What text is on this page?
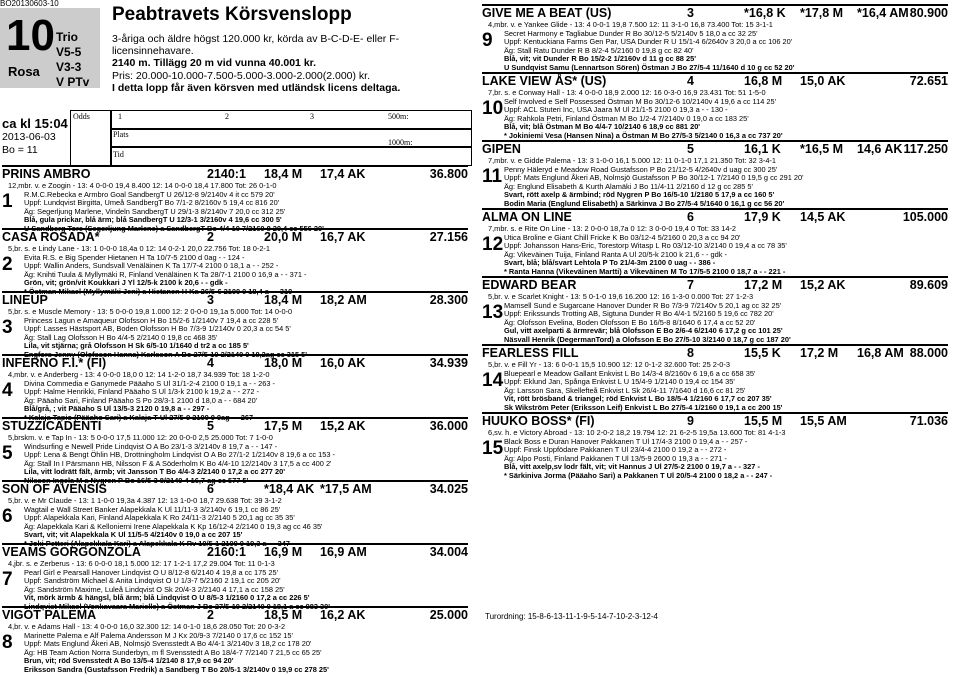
BO20130603-10
10
Rosa
Trio
V5-5 V3-3
V PTv
Peabtravets Körsvenslopp
3-åriga och äldre högst 120.000 kr, körda av B-C-D-E- eller F- licensinnehavare.
2140 m. Tillägg 20 m vid vunna 40.001 kr.
Pris: 20.000-10.000-7.500-5.000-3.000-2.000(2.000) kr.
I detta lopp får även körsven med utländsk licens deltaga.
ca kl 15:04
2013-06-03
Bo = 11
Odds
Plats
Tid
1	2	3	500m:
1000m:
PRINS AMBRO	2140:1 18,4 M 17,4 AK	36.800
1
12,mbr. v. e Zoogin - 13: 4 0-0-0 19,4 8.400 12: 14 0-0-0 18,4 17.800 Tot: 26 0-1-0
R.M.C.Rebecka e Armbro Goal SandbergT U 26/12-8 9/2140v 4 it cc 579 20'
Uppf: Lundqvist Birgitta, Umeå SandbergT Bo 7/1-2 8/2160v 5 19,4 cc 816 20'
Äg: Segerljung Marlene, Vindeln SandbergT U 29/1-3 8/2140v 7 20,0 cc 312 25'
Blå, gula prickar, blå ärm; blå SandbergT U 12/3-1 3/2160v 4 19,6 cc 300 5'
U Sandberg Tore (Segerljung Marlene) a SandbergT Bo 4/4-10 7/2160 8 20,4 cc 556 20'
CASA ROSADA*	2	20,0 M 16,7 AK	27.156
2
5,br. s. e Lindy Lane - 13: 1 0-0-0 18,4a 0 12: 14 0-2-1 20,0 22.756 Tot: 18 0-2-1
Evita R.S. e Big Spender Hietanen H Ta 10/7-5 2100 d 0ag - - 124 -
Uppf: Wallin Anders, Sundsvall Venäläinen K Ta 17/7-4 2100 0 18,1 a - - 252 -
Äg: Knihti Tuula & Myllymäki R, Finland Venäläinen K Ta 28/7-1 2100 0 16,9 a - - 371 -
Grön, vit; grön/vit Koukkari J Yl 12/5-k 2100 k 20,6 - - gdk -
* Östman Mikael (Myllymäki Jeni) a Hietanen H Ka 26/5-6 2100 0 18,4 a - - 310 -
LINEUP	3	18,4 M 18,2 AM	28.300
3
5,br. s. e Muscle Memory - 13: 5 0-0-0 19,8 1.000 12: 2 0-0-0 19,1a 5.000 Tot: 14 0-0-0
Princess Lagun e Amaqueur Olofsson H Bo 15/2-6 1/2140v 7 19,4 a cc 228 5'
Uppf: Lasses Hästsport AB, Boden Olofsson H Bo 7/3-9 1/2140v 0 20,3 a cc 54 5'
Äg: Stall Lag Olofsson H Bo 4/4-5 2/2140 0 19,8 cc 468 35'
Lila, vit stjärna; grå Olofsson H Sk 6/5-10 1/1640 d tr2 a cc 185 5'
Engfors Jenny (Olofsson Hanna) Karlsson A Bo 27/5-10 2/2140 0 18,2ag cc 315 5'
INFERNO F.I.* (FI)	4	18,0 M 16,0 AK	34.939
4
4,mbr. v. e Anderberg - 13: 4 0-0-0 18,0 0 12: 14 1-2-0 18,7 34.939 Tot: 18 1-2-0
Divina Commedia e Ganymede Pääaho S Ul 31/1-2-4 2100 0 19,1 a - - 263 -
Uppf: Halme Henrikki, Finland Pääaho S Ul 1/3-k 2100 k 19,2 a - - 272 -
Äg: Pääaho Sari, Finland Pääaho S Po 28/3-1 2100 d 18,0 a - - 684 20'
Blå/grå, ; vit Pääaho S Ul 13/5-3 2120 0 19,8 a - - 297 -
* Kalaja Tapio (Pääaho Sari) a Kalaja T Ul 27/5-9 2100 0 0ag - - 267 -
STUZZICADENTI	5	17,5 M 15,2 AK	36.000
5
5,brskm. v. e Tap In - 13: 5 0-0-0 17,5 11.000 12: 20 0-0-0 2,5 25.000 Tot: 7 1-0-0
Windsurfing e Newell Pride Lindqvist O A Bo 23/1-3 3/2140v 8 19,7 a - - 147 -
Uppf: Lena & Bengt Öhlin HB, Drottningholm Lindqvist O A Bo 27/1-2 1/2140v 8 19,6 a cc 153 -
Äg: Stall In I Pärsmann HB, Nilsson F & A Söderholm K Bo 4/4-10 12/2140v 3 17,5 a cc 400 2'
Lila, vitt lodrätt fält, ärmb; vit Jansson T Bo 4/4-3 2/2140 0 17,2 a cc 277 20'
Nilsson Ingela M a Nygren P Bo 16/5-3 8/2140 4 16,7 ag cc 577 5'
SON OF AVENSIS	6	*18,4 AK *17,5 AM	34.025
6
5,br. v. e Mr Claude - 13: 1 1-0-0 19,3a 4.387 12: 13 1-0-0 18,7 29.638 Tot: 39 3-1-2
Wagtail e Wall Street Banker Alapekkala K Ul 11/11-3 3/2140v 6 19,1 cc 86 25'
Uppf: Alapekkala Kari, Finland Alapekkala K Ro 24/11-3 2/2140 5 20,1 ag cc 35 35'
Äg: Alapekkala Kari & Kellonierni Irene Alapekkala K Kp 16/12-4 2/2140 0 19,3 ag cc 46 35'
Svart, vit; vit Alapekkala K Ul 11/5-5 4/2140v 0 19,0 a cc 207 15'
* Joki Petteri (Alapekkala Kari) a Alapekkala K Rv 10/5-1 2100 0 19,3 a - - 347 -
VEAMS GORGONZOLA	2160:1 16,9 M 16,9 AM	34.004
7
4,jbr. s. e Zerberus - 13: 6 0-0-0 18,1 5.000 12: 17 1-2-1 17,2 29.004 Tot: 11 0-1-3
Pearl Girl e Pearsall Hanover Lindqvist O U 8/12-8 6/2140 4 19,8 a cc 175 25'
Uppf: Sandström Michael & Anita Lindqvist O U 1/3-7 5/2160 2 19,1 cc 205 20'
Äg: Sandström Maxime, Luleå Lindqvist O Sk 20/4-3 2/2140 4 17,1 a cc 158 25'
Vit, mörk ärmb & hängsl, blå ärm; blå Lindqvist O U 8/5-3 1/2160 0 17,2 a cc 226 5'
Lindqvist Mikael (Vonkavaara Marielle) a Östman J Bo 27/5-10 2/2140 0 18,1 a cc 983 30'
VIGOT PALEMA	2	18,5 M 16,2 AK	25.000
8
4,br. v. e Adams Hall - 13: 4 0-0-0 16,0 32.300 12: 14 0-1-0 18,6 28.050 Tot: 20 0-3-2
Marinette Palema e Alf Palema Andersson M J Kx 20/9-3 7/2140 0 17,6 cc 152 15'
Uppf: Mats Englund Åkeri AB, Nolmsjö Svensstedt A Bo 4/4-1 3/2140v 3 18,2 cc 178 20'
Äg: HB Team Action Norra Sunderbyn, m fl Svensstedt A Bo 18/4-7 7/2140 7 21,5 cc 65 25'
Brun, vit; röd Svensstedt A Bo 13/5-4 1/2140 8 17,9 cc 94 20'
Eriksson Sandra (Gustafsson Fredrik) a Sandberg T Bo 20/5-1 3/2140v 0 19,9 cc 278 25'
GIVE ME A BEAT (US)	3	*16,8 K *17,8 M *16,4 AM 80.900
9
4,mbr. v. e Yankee Glide - 13: 4 0-0-1 19,8 7.500 12: 11 3-1-0 16,8 73.400 Tot: 15 3-1-1
Secret Harmony e Tagliabue Dunder R Bo 30/12-5 5/2140v 5 18,0 a cc 32 25'
Uppf: Kentuckiana Farms Gen Par, USA Dunder R U 15/1-4 6/2640v 3 20,0 a cc 106 20'
Äg: Stall Ratu Dunder R B 8/2-4 5/2160 0 19,8 g cc 82 40'
Blå, vit; vit Dunder R Bo 15/2-2 1/2160v d 11 g cc 88 25'
U Sundqvist Samu (Lennartson Sören) Östman J Bo 27/5-4 11/1640 d 10 g cc 52 20'
LAKE VIEW ÅS* (US)	4	16,8 M 15,0 AK	72.651
10
7,br. s. e Conway Hall - 13: 4 0-0-0 18,9 2.000 12: 16 0-3-0 16,9 23.431 Tot: 51 1-5-0
Self Involved e Self Possessed Östman M Bo 30/12-6 10/2140v 4 19,6 a cc 114 25'
Uppf: ACL Stuteri Inc, USA Jaara M Ul 21/1-5 2100 0 19,3 a - - 130 -
Äg: Rahkola Petri, Finland Östman M Bo 1/2-4 7/2140v 0 19,0 a cc 183 25'
Blå, vit; blå Östman M Bo 4/4-7 10/2140 6 18,9 cc 881 20'
* Jokiniemi Vesa (Hansen Nina) a Östman M Bo 27/5-3 5/2140 0 16,3 a cc 737 20'
GIPEN	5	16,1 K *16,5 M 14,6 AK 117.250
11
7,mbr. v. e Gidde Palema - 13: 3 1-0-0 16,1 5.000 12: 11 0-1-0 17,1 21.350 Tot: 32 3-4-1
Penny Häleryd e Meadow Road Gustafsson P Bo 21/12-5 4/2640v d uag cc 300 25'
Uppf: Mats Englund Åkeri AB, Nolmsjö Gustafsson P Bo 30/12-1 7/2140 0 19,5 g cc 291 20'
Äg: Englund Elisabeth & Kurth Alamäki J Bo 11/4-11 2/2160 d 12 g cc 285 5'
Svart, rött axelp & ärmbind; röd Nygren P Bo 16/5-10 1/2180 5 17,9 a cc 160 5'
Bodin Maria (Englund Elisabeth) a Särkinva J Bo 27/5-4 5/1640 0 16,1 g cc 56 20'
ALMA ON LINE	6	17,9 K 14,5 AK	105.000
12
7,mbr. s. e Rite On Line - 13: 2 0-0-0 18,7a 0 12: 3 0-0-0 19,4 0 Tot: 33 14-2
Utica Broline e Giant Chill Fricke K Bo 03/12-4 5/2160 0 20,3 a cc 94 20'
Uppf: Johansson Hans-Eric, Torestorp Witasp L Ro 03/12-10 3/2140 0 19,4 a cc 78 35'
Äg: Vikeväinen Tuija, Finland Ranta A Ul 20/5-k 2100 k 21,6 - - gdk -
Svart, blå; blå/svart Lehtola P To 21/4-3m 2100 0 uag - - 386 -
* Ranta Hanna (Vikeväinen Martti) a Vikeväinen M To 17/5-5 2100 0 18,7 a - - 221 -
EDWARD BEAR	7	17,2 M 15,2 AK	89.609
13
5,br. v. e Scarlet Knight - 13: 5 0-1-0 19,6 16.200 12: 16 1-3-0 0.000 Tot: 27 1-2-3
Mamsell Sund e Sugarcane Hanover Dunder R Bo 7/3-9 7/2140v 5 20,1 ag cc 32 25'
Uppf: Erikssunds Trotting AB, Sigtuna Dunder R Bo 4/4-1 5/2160 5 19,6 cc 782 20'
Äg: Olofsson Evelina, Boden Olofsson E Bo 16/5-8 8/1640 6 17,4 a cc 52 20'
Gul, vitt axelparti & ärmrevär; blå Olofsson E Bo 2/6-4 6/2140 6 17,2 g cc 101 25'
Näsvall Henrik (DegermanTord) a Olofsson E Bo 27/5-10 3/2140 0 18,7 g cc 187 20'
FEARLESS FILL	8	15,5 K 17,2 M 16,8 AM 88.000
14
5,br. v. e Fill Yr - 13: 6 0-0-1 15,5 10.900 12: 12 0-1-2 32.600 Tot: 25 2-0-3
Bluepearl e Meadow Gallant Enkvist L Bo 14/3-4 8/2160v 6 19,6 a cc 658 35'
Uppf: Eklund Jan, Spånga Enkvist L U 15/4-9 1/2140 0 19,4 cc 154 35'
Äg: Larsson Sara, Skellefteå Enkvist L Sk 26/4-11 7/1640 d 16,6 cc 81 25'
Vit, rött brösband & triangel; röd Enkvist L Bo 18/5-4 1/2160 6 17,7 cc 207 35'
Sk Wikström Peter (Eriksson Leif) Enkvist L Bo 27/5-4 1/2160 0 19,1 a cc 200 15'
HUUKO BOSS* (FI)	9	15,5 M 15,5 AM	71.036
15
6,sv. h. e Victory Abroad - 13: 10 2-0-2 18,2 19.794 12: 21 6-2-5 19,5a 13.600 Tot: 81 4-1-3
Black Boss e Duran Hanover Pakkanen T Ul 17/4-3 2100 0 19,4 a - - 257 -
Uppf: Finsk Uppfödare Pakkanen T Ul 23/4-4 2100 0 19,2 a - - 272 -
Äg: Alpo Posti, Finland Pakkanen T Ul 13/5-9 2600 0 19,3 a - - 271 -
Blå, vitt axelp,sv lodr fält, vit; vit Hannus J Ul 27/5-2 2100 0 19,7 a - - 327 -
* Särkiniva Jorma (Pääaho Sari) a Pakkanen T Ul 20/5-4 2100 0 18,2 a - - 247 -
Turordning: 15-8-6-13-11-1-9-5-14-7-10-2-3-12-4
